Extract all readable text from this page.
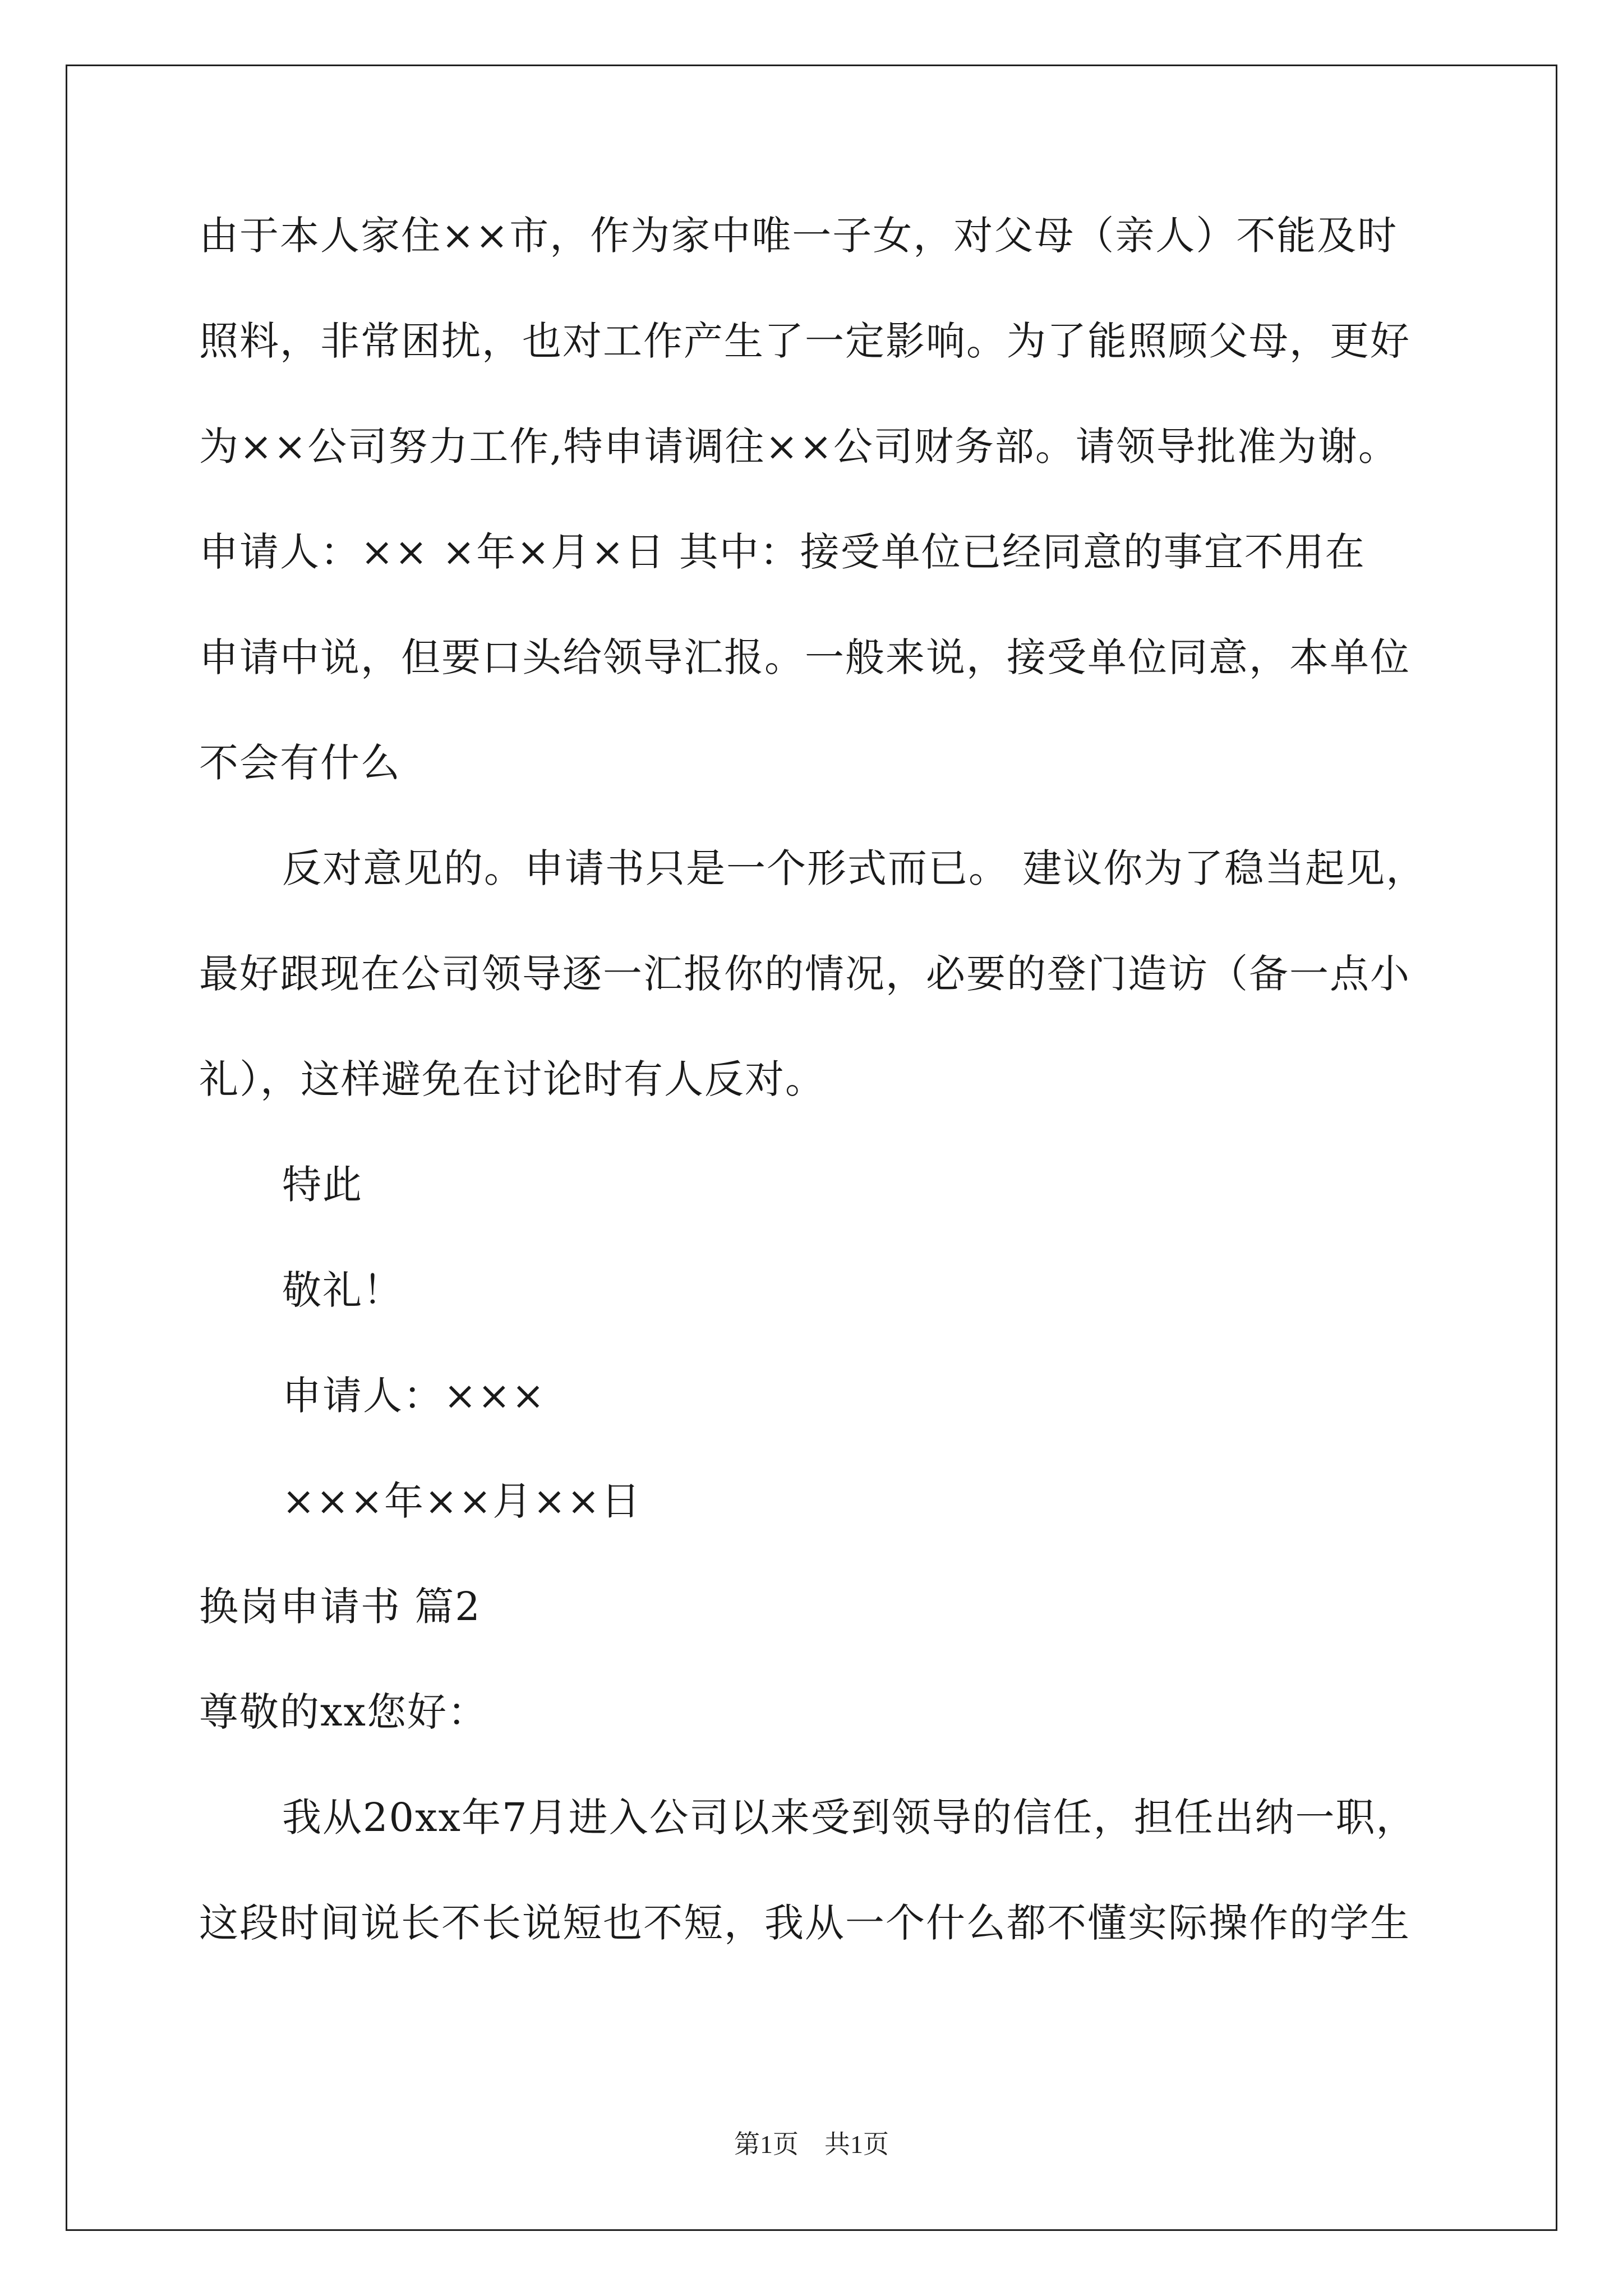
由于本人家住××市，作为家中唯一子女，对父母（亲人）不能及时

照料，非常困扰，也对工作产生了一定影响。为了能照顾父母，更好

为××公司努力工作,特申请调往××公司财务部。请领导批准为谢。

申请人：×× ×年×月×日 其中：接受单位已经同意的事宜不用在

申请中说，但要口头给领导汇报。一般来说，接受单位同意，本单位

不会有什么

反对意见的。申请书只是一个形式而已。 建议你为了稳当起见，

最好跟现在公司领导逐一汇报你的情况，必要的登门造访（备一点小

礼），这样避免在讨论时有人反对。

特此

敬礼！

申请人：×××

×××年××月××日

换岗申请书 篇2

尊敬的xx您好：

我从20xx年7月进入公司以来受到领导的信任，担任出纳一职，

这段时间说长不长说短也不短，我从一个什么都不懂实际操作的学生

第1页　共1页
